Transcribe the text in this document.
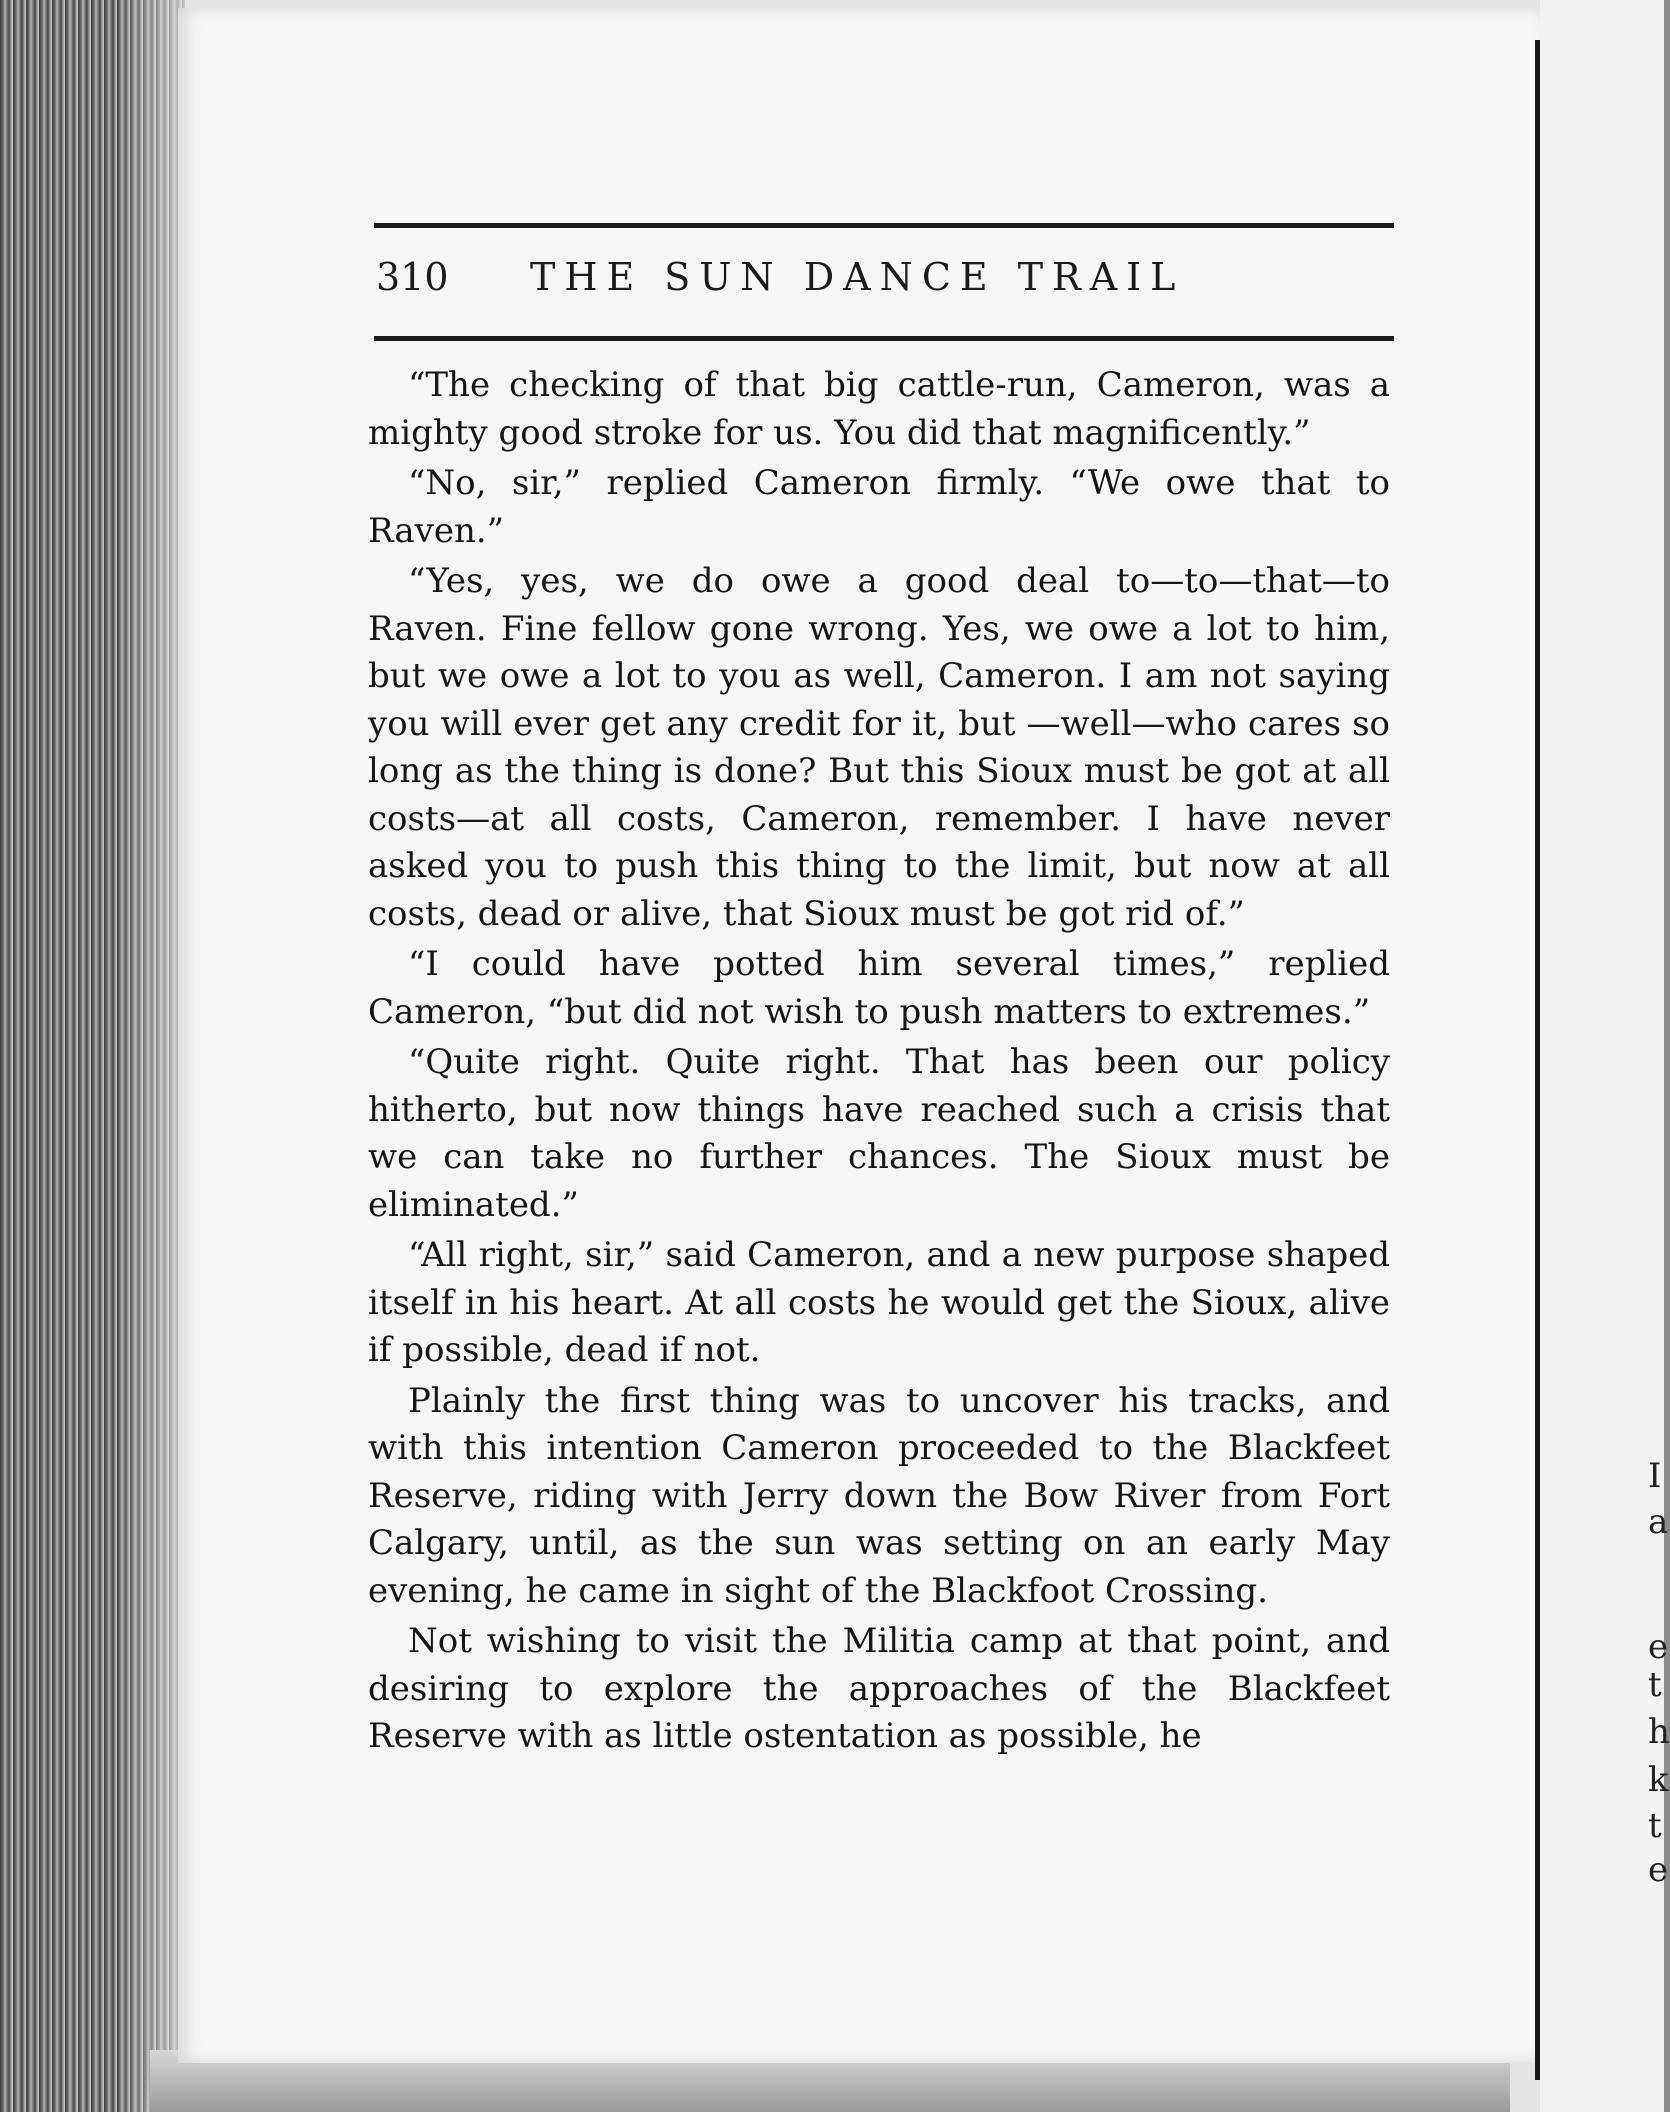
I
a
e
t
h
k
t
e
310 THE SUN DANCE TRAIL

“The checking of that big cattle-run, Cameron, was a mighty good stroke for us. You did that magnificently.”

“No, sir,” replied Cameron firmly. “We owe that to Raven.”

“Yes, yes, we do owe a good deal to—to—that—to Raven. Fine fellow gone wrong. Yes, we owe a lot to him, but we owe a lot to you as well, Cameron. I am not saying you will ever get any credit for it, but —well—who cares so long as the thing is done? But this Sioux must be got at all costs—at all costs, Cameron, remember. I have never asked you to push this thing to the limit, but now at all costs, dead or alive, that Sioux must be got rid of.”

“I could have potted him several times,” replied Cameron, “but did not wish to push matters to extremes.”

“Quite right. Quite right. That has been our policy hitherto, but now things have reached such a crisis that we can take no further chances. The Sioux must be eliminated.”

“All right, sir,” said Cameron, and a new purpose shaped itself in his heart. At all costs he would get the Sioux, alive if possible, dead if not.

Plainly the first thing was to uncover his tracks, and with this intention Cameron proceeded to the Blackfeet Reserve, riding with Jerry down the Bow River from Fort Calgary, until, as the sun was setting on an early May evening, he came in sight of the Blackfoot Crossing.

Not wishing to visit the Militia camp at that point, and desiring to explore the approaches of the Blackfeet Reserve with as little ostentation as possible, he
